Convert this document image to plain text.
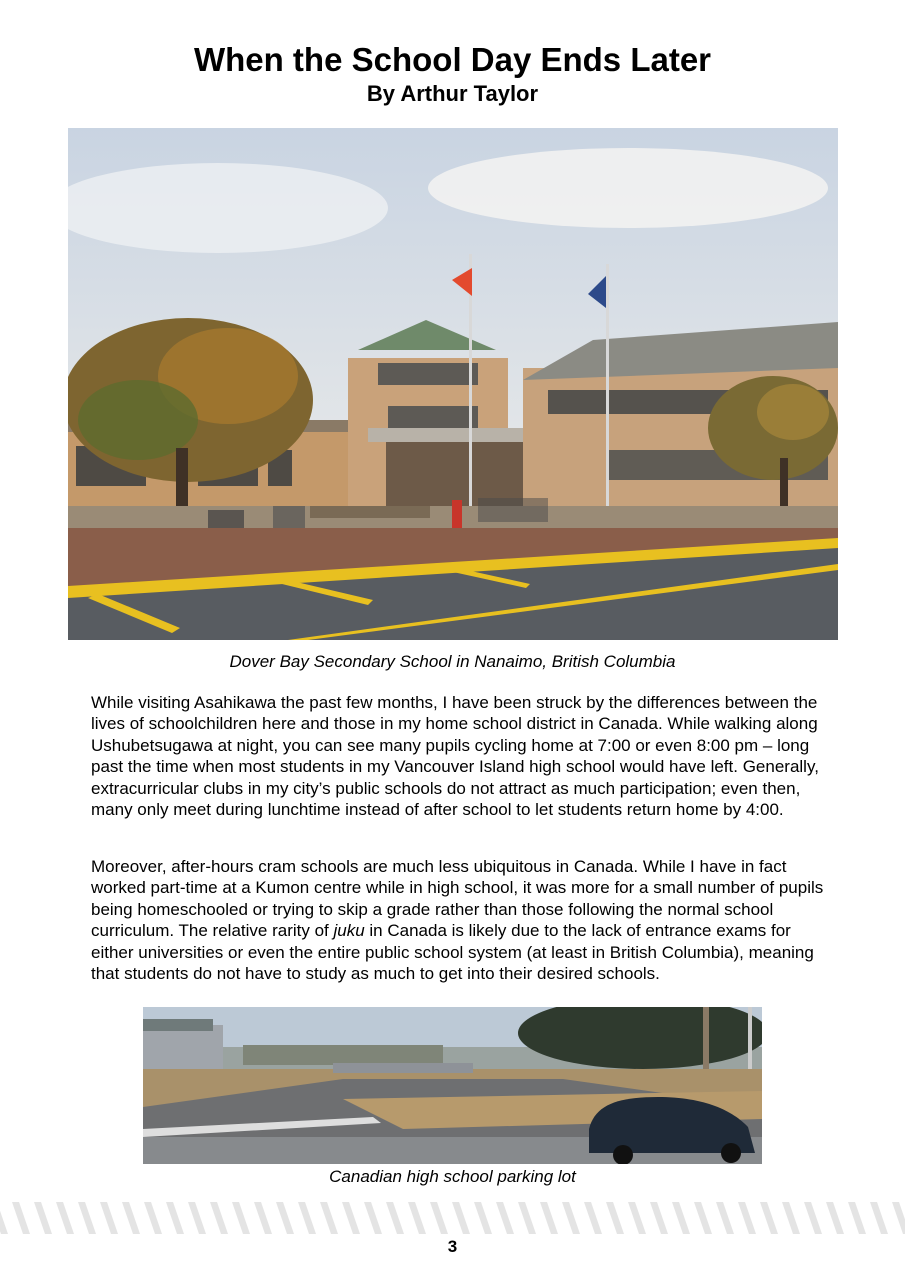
When the School Day Ends Later
By Arthur Taylor
Dover Bay Secondary School in Nanaimo, British Columbia

While visiting Asahikawa the past few months, I have been struck by the differences between the lives of schoolchildren here and those in my home school district in Canada. While walking along Ushubetsugawa at night, you can see many pupils cycling home at 7:00 or even 8:00 pm – long past the time when most students in my Vancouver Island high school would have left. Generally, extracurricular clubs in my city’s public schools do not attract as much participation; even then, many only meet during lunchtime instead of after school to let students return home by 4:00.

Moreover, after-hours cram schools are much less ubiquitous in Canada. While I have in fact worked part-time at a Kumon centre while in high school, it was more for a small number of pupils being homeschooled or trying to skip a grade rather than those following the normal school curriculum. The relative rarity of juku in Canada is likely due to the lack of entrance exams for either universities or even the entire public school system (at least in British Columbia), meaning that students do not have to study as much to get into their desired schools.

Canadian high school parking lot
3
